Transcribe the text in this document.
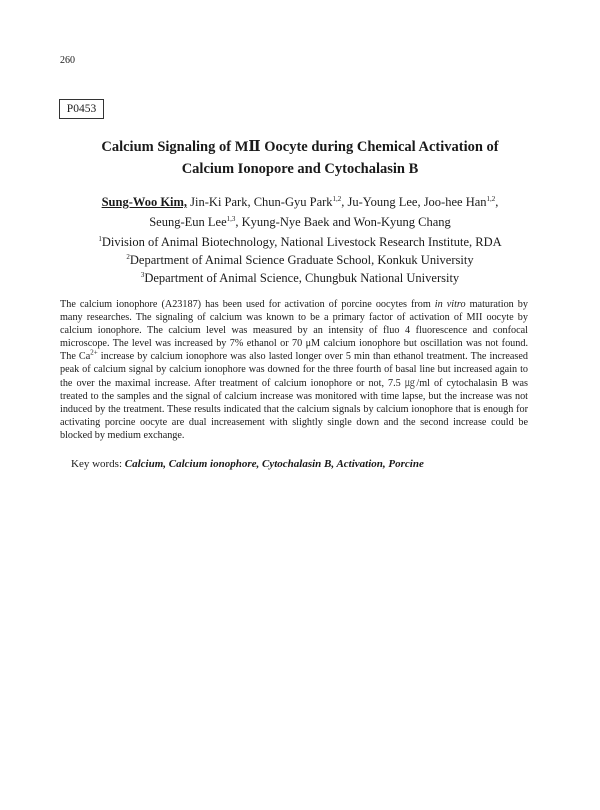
260
P0453
Calcium Signaling of MⅡ Oocyte during Chemical Activation of
Calcium Ionopore and Cytochalasin B
Sung-Woo Kim, Jin-Ki Park, Chun-Gyu Park$^{1,2}$, Ju-Young Lee, Joo-hee Han$^{1,2}$,
Seung-Eun Lee$^{1,3}$, Kyung-Nye Baek and Won-Kyung Chang
$^1$Division of Animal Biotechnology, National Livestock Research Institute, RDA
$^2$Department of Animal Science Graduate School, Konkuk University
$^3$Department of Animal Science, Chungbuk National University

The calcium ionophore (A23187) has been used for activation of porcine oocytes from in vitro maturation by many researches. The signaling of calcium was known to be a primary factor of activation of MII oocyte by calcium ionophore. The calcium level was measured by an intensity of fluo 4 fluorescence and confocal microscope. The level was increased by 7% ethanol or 70 μM calcium ionophore but oscillation was not found. The $Ca^{2+}$ increase by calcium ionophore was also lasted longer over 5 min than ethanol treatment. The increased peak of calcium signal by calcium ionophore was downed for the three fourth of basal line but increased again to the over the maximal increase. After treatment of calcium ionophore or not, 7.5 ㎍/ml of cytochalasin B was treated to the samples and the signal of calcium increase was monitored with time lapse, but the increase was not induced by the treatment. These results indicated that the calcium signals by calcium ionophore that is enough for activating porcine oocyte are dual increasement with slightly single down and the second increase could be blocked by medium exchange.

Key words: Calcium, Calcium ionophore, Cytochalasin B, Activation, Porcine
